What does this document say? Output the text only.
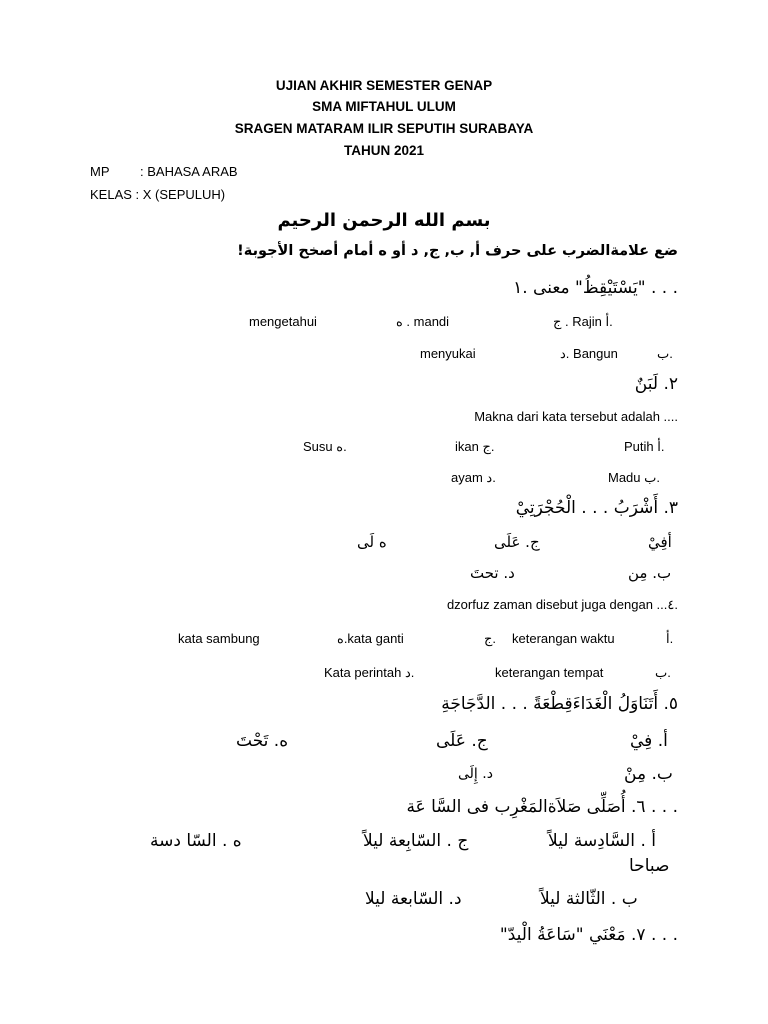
UJIAN AKHIR SEMESTER GENAP
SMA MIFTAHUL ULUM
SRAGEN MATARAM ILIR SEPUTIH SURABAYA
TAHUN 2021
MP : BAHASA ARAB
KELAS : X (SEPULUH)
بسم الله الرحمن الرحيم
ضع علامةالضرب على حرف أ, ب, ج, د أو ه أمام أصخح الأجوبة!
. . . "يَسْتَيْقِظُ" معنى .١
mengetahui	ه . mandi	ج . Rajin أ.
menyukai	د. Bangun	ب.
٢. لَبَنٌ
Makna dari kata tersebut adalah ....
Susu ه.	ikan ج.	Putih أ.
ayam د.	Madu ب.
٣. أَشْرَبُ . . . الْحُجْرَتِيْ
ه لَى	ج. عَلَى	أفِيْ
د. تحتَ	ب. مِن
dzorfuz zaman disebut juga dengan ...٤.
kata sambung	ه.kata ganti	ج. keterangan waktu	أ.
Kata perintah د.	keterangan tempat	ب.
٥. أَتَنَاوَلُ الْغَدَاءَقِطْعَةً . . . الدَّجَاجَةِ
ه. تَحْتَ	ج. عَلَى	أ. فِيْ
د. إِلَى	ب. مِنْ
. . . ٦. أُصَلِّى صَلاَةالمَغْرِب فى السَّا عَة
ه . السّا دسة	ج . السّابِعة ليلاً	أ . السَّادِسة ليلاً
صباحا
د. السّابعة ليلا	ب . الثّالثة ليلاً
. . . ٧. مَعْنَي "سَاعَةُ الْيدّ"
